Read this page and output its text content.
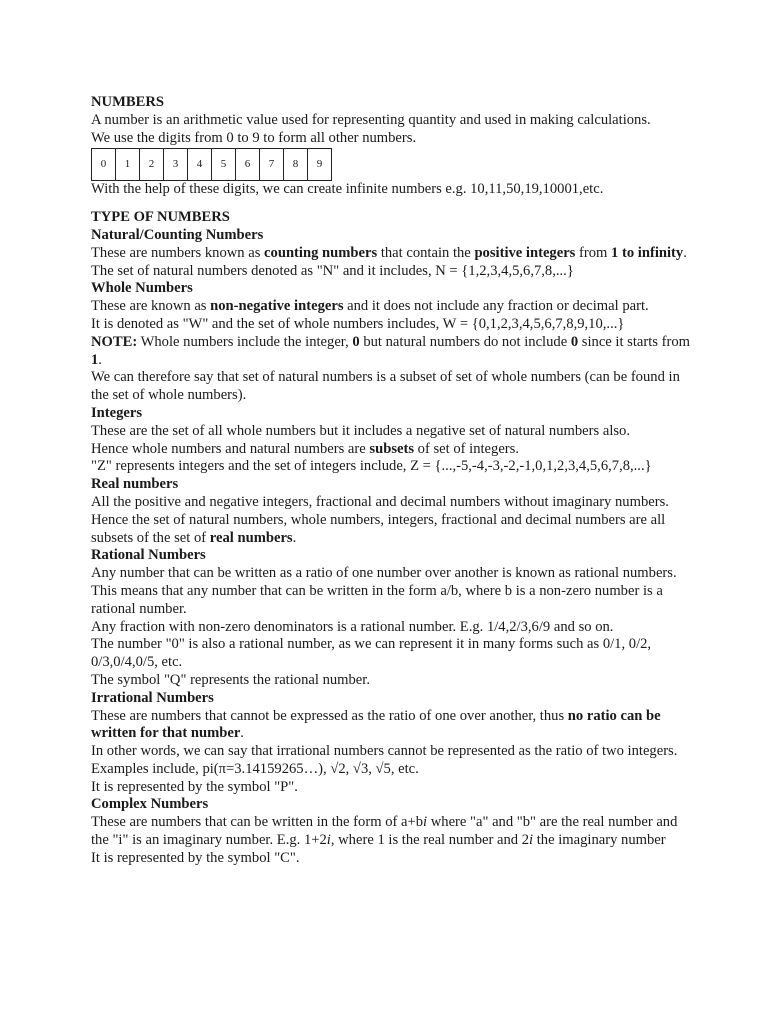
NUMBERS

A number is an arithmetic value used for representing quantity and used in making calculations.

We use the digits from 0 to 9 to form all other numbers.

0	1	2	3	4	5	6	7	8	9

With the help of these digits, we can create infinite numbers e.g. 10,11,50,19,10001,etc.

TYPE OF NUMBERS

Natural/Counting Numbers

These are numbers known as counting numbers that contain the positive integers from 1 to infinity.

The set of natural numbers denoted as "N" and it includes, N = {1,2,3,4,5,6,7,8,...}

Whole Numbers

These are known as non-negative integers and it does not include any fraction or decimal part.

It is denoted as "W" and the set of whole numbers includes, W = {0,1,2,3,4,5,6,7,8,9,10,...}

NOTE: Whole numbers include the integer, 0 but natural numbers do not include 0 since it starts from 1.

We can therefore say that set of natural numbers is a subset of set of whole numbers (can be found in the set of whole numbers).

Integers

These are the set of all whole numbers but it includes a negative set of natural numbers also.

Hence whole numbers and natural numbers are subsets of set of integers.

"Z" represents integers and the set of integers include, Z = {...,-5,-4,-3,-2,-1,0,1,2,3,4,5,6,7,8,...}

Real numbers

All the positive and negative integers, fractional and decimal numbers without imaginary numbers. Hence the set of natural numbers, whole numbers, integers, fractional and decimal numbers are all subsets of the set of real numbers.

Rational Numbers

Any number that can be written as a ratio of one number over another is known as rational numbers. This means that any number that can be written in the form a/b, where b is a non-zero number is a rational number.

Any fraction with non-zero denominators is a rational number. E.g. 1/4,2/3,6/9 and so on.

The number "0" is also a rational number, as we can represent it in many forms such as 0/1, 0/2, 0/3,0/4,0/5, etc.

The symbol "Q" represents the rational number.

Irrational Numbers

These are numbers that cannot be expressed as the ratio of one over another, thus no ratio can be written for that number.

In other words, we can say that irrational numbers cannot be represented as the ratio of two integers.

Examples include, pi(π=3.14159265…), √2, √3, √5, etc.

It is represented by the symbol "P".

Complex Numbers

These are numbers that can be written in the form of a+bi where "a" and "b" are the real number and the "i" is an imaginary number. E.g. 1+2i, where 1 is the real number and 2i the imaginary number

It is represented by the symbol "C".
